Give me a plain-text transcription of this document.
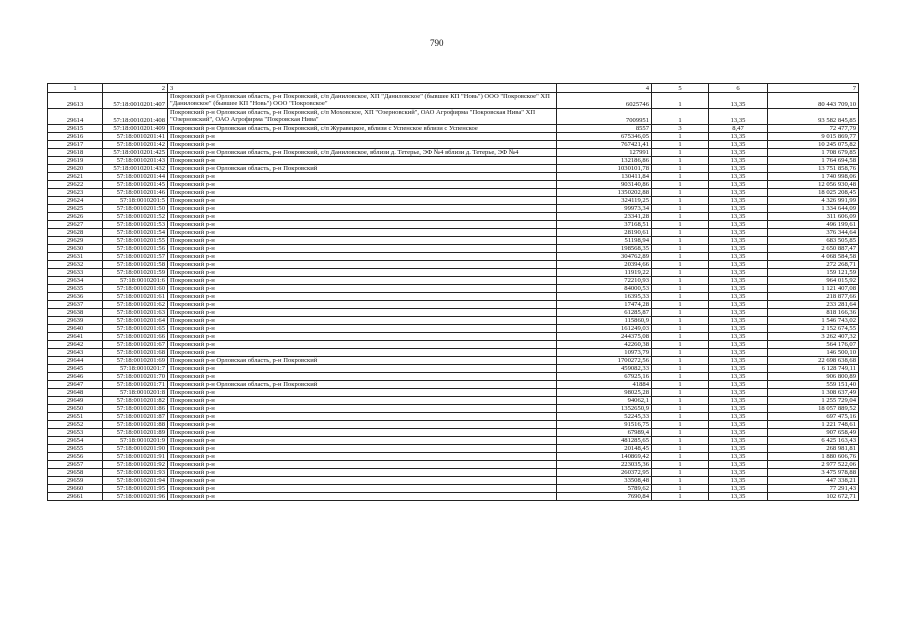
790
1	2	3	4	5	6	7
29613	57:18:0010201:407	Покровский р-н Орловская область, р-н Покровский, с/п Даниловское, ХП "Даниловское" (бывшее КП "Новь") ООО "Покровское" ХП "Даниловское" (бывшее КП "Новь") ООО "Покровское"	6025746	1	13,35	80 443 709,10
29614	57:18:0010201:408	Покровский р-н Орловская область, р-н Покровский, с/п Моховское, ХП "Озерновский", ОАО Агрофирма "Покровская Нива" ХП "Озерновский", ОАО Агрофирма "Покровская Нива"	7009951	1	13,35	93 582 845,85
29615	57:18:0010201:409	Покровский р-н Орловская область, р-н Покровский, с/п Журавецкое, вблизи с Успенское вблизи с Успенское	8557	3	8,47	72 477,79
29616	57:18:0010201:41	Покровский р-н	675346,05	1	13,35	9 015 869,77
29617	57:18:0010201:42	Покровский р-н	767421,41	1	13,35	10 245 075,82
29618	57:18:0010201:425	Покровский р-н Орловская область, р-н Покровский, с/п Даниловское, вблизи д. Тетерье, ЭФ №4 вблизи д. Тетерье, ЭФ №4	127991	1	13,35	1 708 679,85
29619	57:18:0010201:43	Покровский р-н	132186,86	1	13,35	1 764 694,58
29620	57:18:0010201:432	Покровский р-н Орловская область, р-н Покровский	1030101,78	1	13,35	13 751 858,76
29621	57:18:0010201:44	Покровский р-н	130411,84	1	13,35	1 740 998,06
29622	57:18:0010201:45	Покровский р-н	903140,86	1	13,35	12 056 930,48
29623	57:18:0010201:46	Покровский р-н	1350202,88	1	13,35	18 025 208,45
29624	57:18:0010201:5	Покровский р-н	324119,25	1	13,35	4 326 991,99
29625	57:18:0010201:50	Покровский р-н	99973,34	1	13,35	1 334 644,09
29626	57:18:0010201:52	Покровский р-н	23341,28	1	13,35	311 606,09
29627	57:18:0010201:53	Покровский р-н	37168,51	1	13,35	496 199,61
29628	57:18:0010201:54	Покровский р-н	28190,61	1	13,35	376 344,64
29629	57:18:0010201:55	Покровский р-н	51198,94	1	13,35	683 505,85
29630	57:18:0010201:56	Покровский р-н	198568,35	1	13,35	2 650 887,47
29631	57:18:0010201:57	Покровский р-н	304762,89	1	13,35	4 068 584,58
29632	57:18:0010201:58	Покровский р-н	20394,66	1	13,35	272 268,71
29633	57:18:0010201:59	Покровский р-н	11919,22	1	13,35	159 121,59
29634	57:18:0010201:6	Покровский р-н	72210,93	1	13,35	964 015,92
29635	57:18:0010201:60	Покровский р-н	84000,53	1	13,35	1 121 407,08
29636	57:18:0010201:61	Покровский р-н	16395,33	1	13,35	218 877,66
29637	57:18:0010201:62	Покровский р-н	17474,28	1	13,35	233 281,64
29638	57:18:0010201:63	Покровский р-н	61285,87	1	13,35	818 166,36
29639	57:18:0010201:64	Покровский р-н	115860,9	1	13,35	1 546 743,02
29640	57:18:0010201:65	Покровский р-н	161249,03	1	13,35	2 152 674,55
29641	57:18:0010201:66	Покровский р-н	244375,08	1	13,35	3 262 407,32
29642	57:18:0010201:67	Покровский р-н	42260,38	1	13,35	564 176,07
29643	57:18:0010201:68	Покровский р-н	10973,79	1	13,35	146 500,10
29644	57:18:0010201:69	Покровский р-н Орловская область, р-н Покровский	1700272,56	1	13,35	22 698 638,68
29645	57:18:0010201:7	Покровский р-н	459082,33	1	13,35	6 128 749,11
29646	57:18:0010201:70	Покровский р-н	67925,16	1	13,35	906 800,89
29647	57:18:0010201:71	Покровский р-н Орловская область, р-н Покровский	41884	1	13,35	559 151,40
29648	57:18:0010201:8	Покровский р-н	98025,28	1	13,35	1 308 637,49
29649	57:18:0010201:82	Покровский р-н	94062,1	1	13,35	1 255 729,04
29650	57:18:0010201:86	Покровский р-н	1352650,9	1	13,35	18 057 889,52
29651	57:18:0010201:87	Покровский р-н	52245,33	1	13,35	697 475,16
29652	57:18:0010201:88	Покровский р-н	91516,75	1	13,35	1 221 748,61
29653	57:18:0010201:89	Покровский р-н	67989,4	1	13,35	907 658,49
29654	57:18:0010201:9	Покровский р-н	481285,65	1	13,35	6 425 163,43
29655	57:18:0010201:90	Покровский р-н	20148,45	1	13,35	268 981,81
29656	57:18:0010201:91	Покровский р-н	140869,42	1	13,35	1 880 606,76
29657	57:18:0010201:92	Покровский р-н	223035,36	1	13,35	2 977 522,06
29658	57:18:0010201:93	Покровский р-н	260372,95	1	13,35	3 475 978,88
29659	57:18:0010201:94	Покровский р-н	33508,48	1	13,35	447 338,21
29660	57:18:0010201:95	Покровский р-н	5789,62	1	13,35	77 291,43
29661	57:18:0010201:96	Покровский р-н	7690,84	1	13,35	102 672,71
